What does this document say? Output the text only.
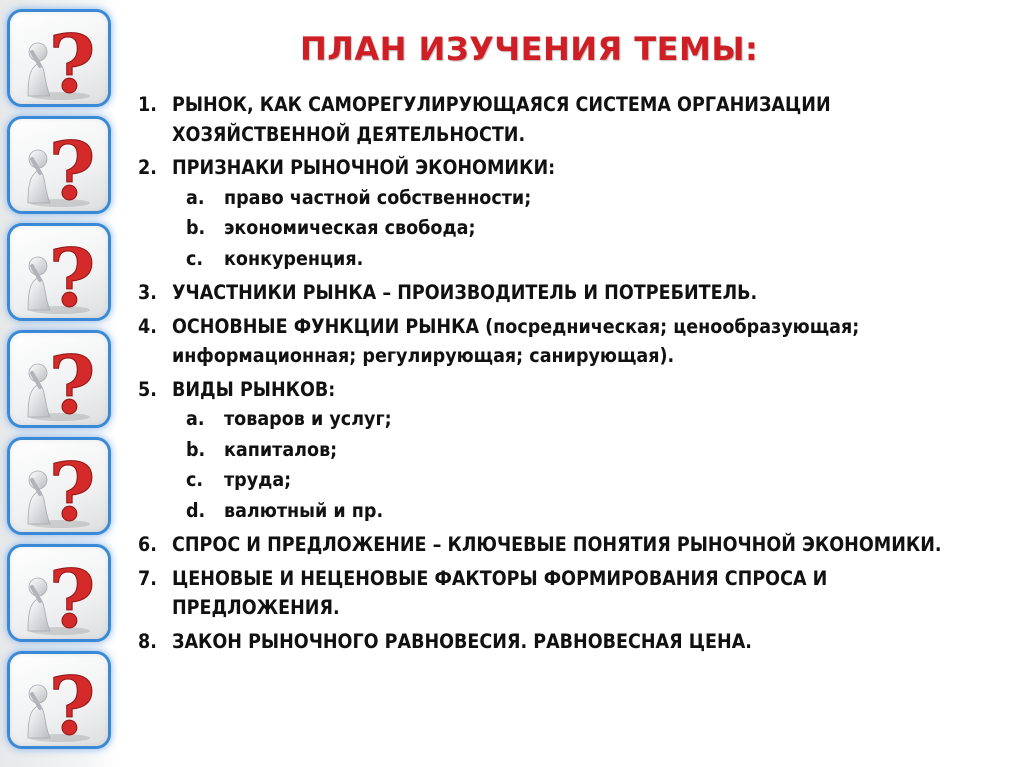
?
?
?
?
?
?
?
ПЛАН ИЗУЧЕНИЯ ТЕМЫ:
1. РЫНОК, КАК САМОРЕГУЛИРУЮЩАЯСЯ СИСТЕМА ОРГАНИЗАЦИИ ХОЗЯЙСТВЕННОЙ ДЕЯТЕЛЬНОСТИ.
2. ПРИЗНАКИ РЫНОЧНОЙ ЭКОНОМИКИ:
a. право частной собственности;
b. экономическая свобода;
c. конкуренция.
3. УЧАСТНИКИ РЫНКА – ПРОИЗВОДИТЕЛЬ И ПОТРЕБИТЕЛЬ.
4. ОСНОВНЫЕ ФУНКЦИИ РЫНКА (посредническая; ценообразующая; информационная; регулирующая; санирующая).
5. ВИДЫ РЫНКОВ:
a. товаров и услуг;
b. капиталов;
c. труда;
d. валютный и пр.
6. СПРОС И ПРЕДЛОЖЕНИЕ – КЛЮЧЕВЫЕ ПОНЯТИЯ РЫНОЧНОЙ ЭКОНОМИКИ.
7. ЦЕНОВЫЕ И НЕЦЕНОВЫЕ ФАКТОРЫ ФОРМИРОВАНИЯ СПРОСА И ПРЕДЛОЖЕНИЯ.
8. ЗАКОН РЫНОЧНОГО РАВНОВЕСИЯ. РАВНОВЕСНАЯ ЦЕНА.
